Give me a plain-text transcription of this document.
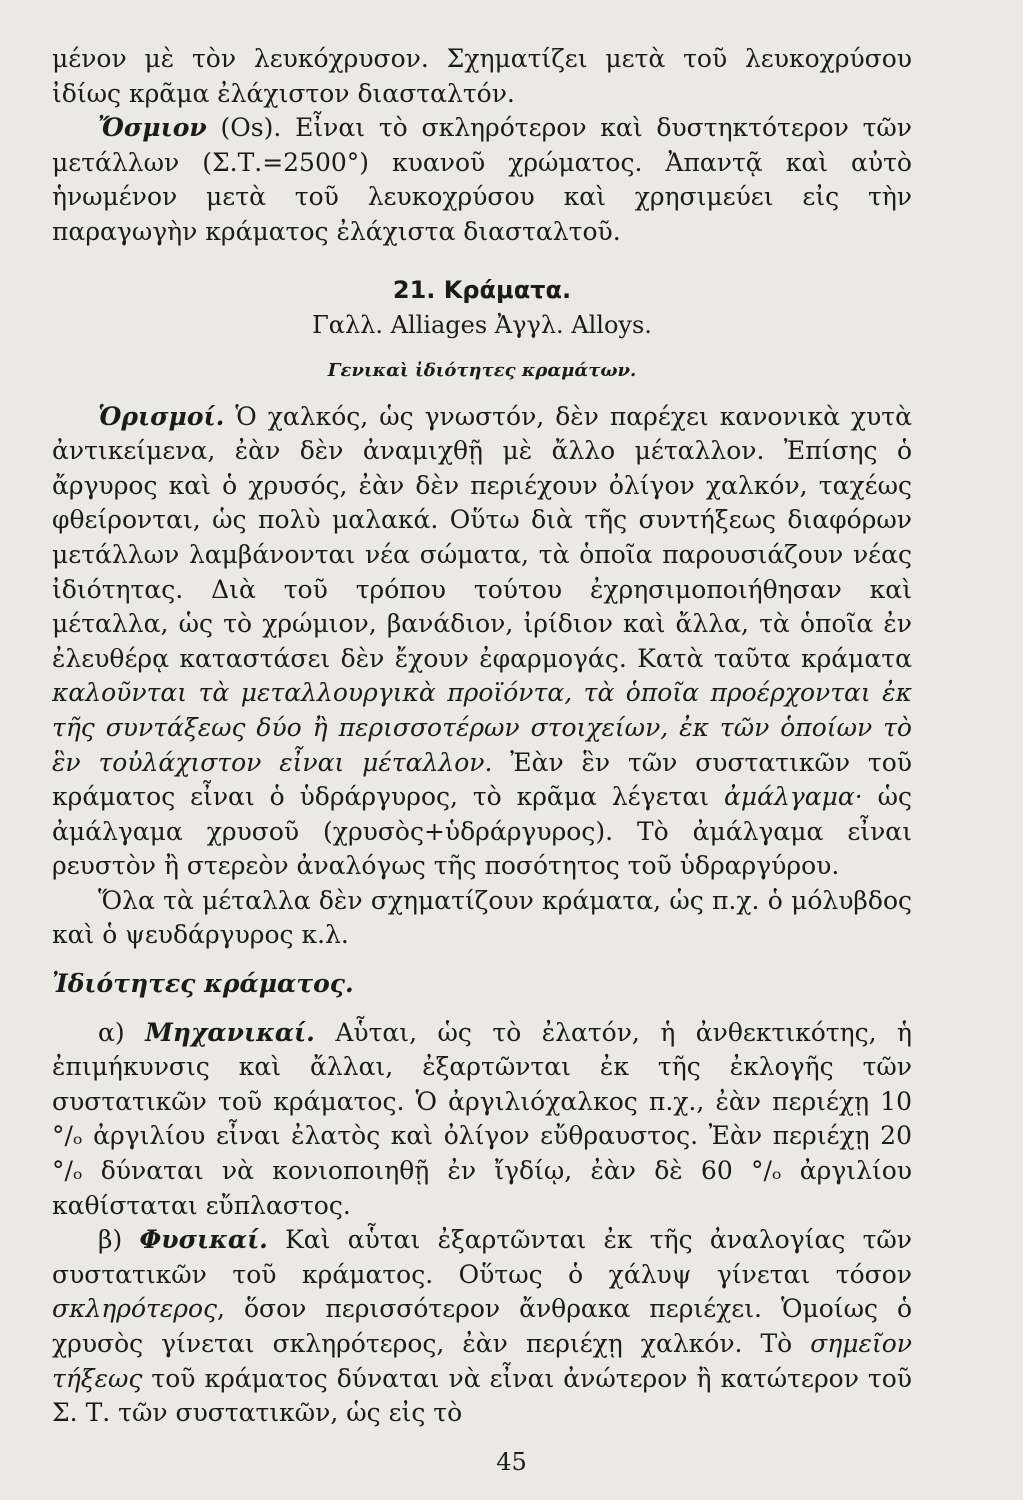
μένον μὲ τὸν λευκόχρυσον. Σχηματίζει μετὰ τοῦ λευκοχρύσου ἰδίως κρᾶμα ἐλάχιστον διασταλτόν.

Ὄσμιον (Os). Εἶναι τὸ σκληρότερον καὶ δυστηκτότερον τῶν μετάλλων (Σ.Τ.=2500°) κυανοῦ χρώματος. Ἀπαντᾷ καὶ αὐτὸ ἡνωμένον μετὰ τοῦ λευκοχρύσου καὶ χρησιμεύει εἰς τὴν παραγωγὴν κράματος ἐλάχιστα διασταλτοῦ.

21. Κράματα.

Γαλλ. Alliages Ἀγγλ. Alloys.

Γενικαὶ ἰδιότητες κραμάτων.

Ὁρισμοί. Ὁ χαλκός, ὡς γνωστόν, δὲν παρέχει κανονικὰ χυτὰ ἀντικείμενα, ἐὰν δὲν ἀναμιχθῇ μὲ ἄλλο μέταλλον. Ἐπίσης ὁ ἄργυρος καὶ ὁ χρυσός, ἐὰν δὲν περιέχουν ὀλίγον χαλκόν, ταχέως φθείρονται, ὡς πολὺ μαλακά. Οὕτω διὰ τῆς συντήξεως διαφόρων μετάλλων λαμβάνονται νέα σώματα, τὰ ὁποῖα παρουσιάζουν νέας ἰδιότητας. Διὰ τοῦ τρόπου τούτου ἐχρησιμοποιήθησαν καὶ μέταλλα, ὡς τὸ χρώμιον, βανάδιον, ἰρίδιον καὶ ἄλλα, τὰ ὁποῖα ἐν ἐλευθέρᾳ καταστάσει δὲν ἔχουν ἐφαρμογάς. Κατὰ ταῦτα κράματα καλοῦνται τὰ μεταλλουργικὰ προϊόντα, τὰ ὁποῖα προέρχονται ἐκ τῆς συντάξεως δύο ἢ περισσοτέρων στοιχείων, ἐκ τῶν ὁποίων τὸ ἓν τοὐλάχιστον εἶναι μέταλλον. Ἐὰν ἓν τῶν συστατικῶν τοῦ κράματος εἶναι ὁ ὑδράργυρος, τὸ κρᾶμα λέγεται ἀμάλγαμα· ὡς ἀμάλγαμα χρυσοῦ (χρυσὸς+ὑδράργυρος). Τὸ ἀμάλγαμα εἶναι ρευστὸν ἢ στερεὸν ἀναλόγως τῆς ποσότητος τοῦ ὑδραργύρου.

Ὅλα τὰ μέταλλα δὲν σχηματίζουν κράματα, ὡς π.χ. ὁ μόλυβδος καὶ ὁ ψευδάργυρος κ.λ.

Ἰδιότητες κράματος.

α) Μηχανικαί. Αὗται, ὡς τὸ ἐλατόν, ἡ ἀνθεκτικότης, ἡ ἐπιμήκυνσις καὶ ἄλλαι, ἐξαρτῶνται ἐκ τῆς ἐκλογῆς τῶν συστατικῶν τοῦ κράματος. Ὁ ἀργιλιόχαλκος π.χ., ἐὰν περιέχῃ 10 °/ₒ ἀργιλίου εἶναι ἐλατὸς καὶ ὀλίγον εὔθραυστος. Ἐὰν περιέχῃ 20 °/ₒ δύναται νὰ κονιοποιηθῇ ἐν ἴγδίῳ, ἐὰν δὲ 60 °/ₒ ἀργιλίου καθίσταται εὔπλαστος.

β) Φυσικαί. Καὶ αὗται ἐξαρτῶνται ἐκ τῆς ἀναλογίας τῶν συστατικῶν τοῦ κράματος. Οὕτως ὁ χάλυψ γίνεται τόσον σκληρότερος, ὅσον περισσότερον ἄνθρακα περιέχει. Ὁμοίως ὁ χρυσὸς γίνεται σκληρότερος, ἐὰν περιέχῃ χαλκόν. Τὸ σημεῖον τήξεως τοῦ κράματος δύναται νὰ εἶναι ἀνώτερον ἢ κατώτερον τοῦ Σ. Τ. τῶν συστατικῶν, ὡς εἰς τὸ

45
